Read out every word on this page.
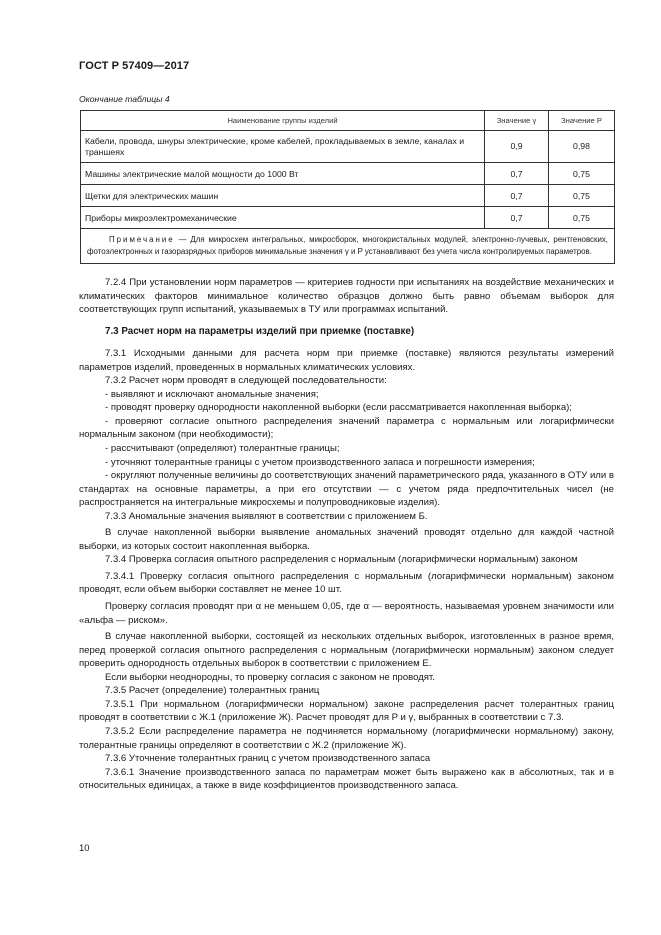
ГОСТ Р 57409—2017
Окончание таблицы 4
Наименование группы изделий	Значение γ	Значение P
Кабели, провода, шнуры электрические, кроме кабелей, прокладываемых в земле, каналах и траншеях	0,9	0,98
Машины электрические малой мощности до 1000 Вт	0,7	0,75
Щетки для электрических машин	0,7	0,75
Приборы микроэлектромеханические	0,7	0,75
Примечание — Для микросхем интегральных, микросборок, многокристальных модулей, электронно-лучевых, рентгеновских, фотоэлектронных и газоразрядных приборов минимальные значения γ и P устанавливают без учета числа контролируемых параметров.		

7.2.4 При установлении норм параметров — критериев годности при испытаниях на воздействие механических и климатических факторов минимальное количество образцов должно быть равно объемам выборок для соответствующих групп испытаний, указываемых в ТУ или программах испытаний.

7.3 Расчет норм на параметры изделий при приемке (поставке)

7.3.1 Исходными данными для расчета норм при приемке (поставке) являются результаты измерений параметров изделий, проведенных в нормальных климатических условиях.

7.3.2 Расчет норм проводят в следующей последовательности:

- выявляют и исключают аномальные значения;

- проводят проверку однородности накопленной выборки (если рассматривается накопленная выборка);

- проверяют согласие опытного распределения значений параметра с нормальным или логарифмически нормальным законом (при необходимости);

- рассчитывают (определяют) толерантные границы;

- уточняют толерантные границы с учетом производственного запаса и погрешности измерения;

- округляют полученные величины до соответствующих значений параметрического ряда, указанного в ОТУ или в стандартах на основные параметры, а при его отсутствии — с учетом ряда предпочтительных чисел (не распространяется на интегральные микросхемы и полупроводниковые изделия).

7.3.3 Аномальные значения выявляют в соответствии с приложением Б.

В случае накопленной выборки выявление аномальных значений проводят отдельно для каждой частной выборки, из которых состоит накопленная выборка.

7.3.4 Проверка согласия опытного распределения с нормальным (логарифмически нормальным) законом

7.3.4.1 Проверку согласия опытного распределения с нормальным (логарифмически нормальным) законом проводят, если объем выборки составляет не менее 10 шт.

Проверку согласия проводят при α не меньшем 0,05, где α — вероятность, называемая уровнем значимости или «альфа — риском».

В случае накопленной выборки, состоящей из нескольких отдельных выборок, изготовленных в разное время, перед проверкой согласия опытного распределения с нормальным (логарифмически нормальным) законом следует проверить однородность отдельных выборок в соответствии с приложением Е.

Если выборки неоднородны, то проверку согласия с законом не проводят.

7.3.5 Расчет (определение) толерантных границ

7.3.5.1 При нормальном (логарифмически нормальном) законе распределения расчет толерантных границ проводят в соответствии с Ж.1 (приложение Ж). Расчет проводят для P и γ, выбранных в соответствии с 7.3.

7.3.5.2 Если распределение параметра не подчиняется нормальному (логарифмически нормальному) закону, толерантные границы определяют в соответствии с Ж.2 (приложение Ж).

7.3.6 Уточнение толерантных границ с учетом производственного запаса

7.3.6.1 Значение производственного запаса по параметрам может быть выражено как в абсолютных, так и в относительных единицах, а также в виде коэффициентов производственного запаса.

10
